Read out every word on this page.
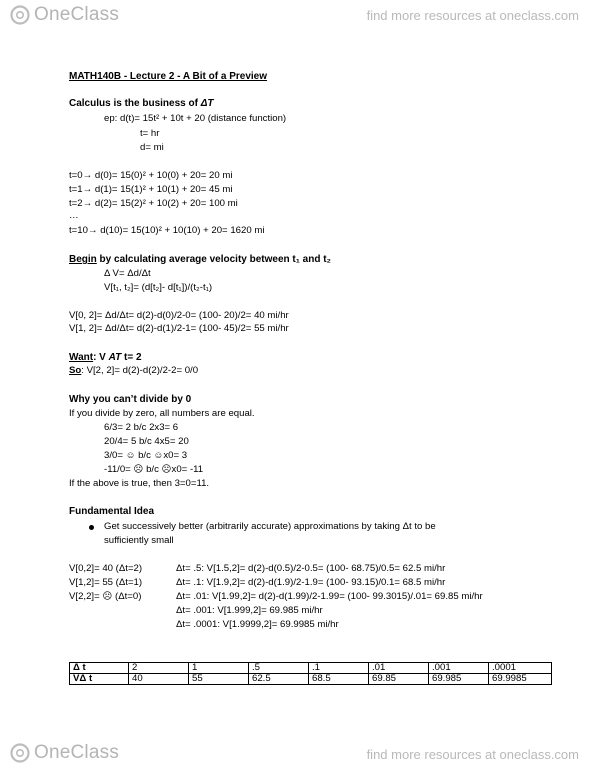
OneClass	find more resources at oneclass.com
MATH140B - Lecture 2 - A Bit of a Preview
Calculus is the business of ΔT
ep: d(t)= 15t² + 10t + 20 (distance function)
t= hr
d= mi
t=0→ d(0)= 15(0)² + 10(0) + 20= 20 mi
t=1→ d(1)= 15(1)² + 10(1) + 20= 45 mi
t=2→ d(2)= 15(2)² + 10(2) + 20= 100 mi
…
t=10→ d(10)= 15(10)² + 10(10) + 20= 1620 mi
Begin by calculating average velocity between t₁ and t₂
Δ V= Δd/Δt
V[t₁, t₂]= (d[t₂]- d[t₁])/(t₂-t₁)
V[0, 2]= Δd/Δt= d(2)-d(0)/2-0= (100- 20)/2= 40 mi/hr
V[1, 2]= Δd/Δt= d(2)-d(1)/2-1= (100- 45)/2= 55 mi/hr
Want: V AT t= 2
So: V[2, 2]= d(2)-d(2)/2-2= 0/0
Why you can’t divide by 0
If you divide by zero, all numbers are equal.
6/3= 2 b/c 2x3= 6
20/4= 5 b/c 4x5= 20
3/0= ☺ b/c ☺x0= 3
-11/0= ☹ b/c ☹x0= -11
If the above is true, then 3=0=11.
Fundamental Idea
Get successively better (arbitrarily accurate) approximations by taking Δt to be
sufficiently small
V[0,2]= 40 (Δt=2)
V[1,2]= 55 (Δt=1)
V[2,2]= ☹ (Δt=0)
Δt= .5: V[1.5,2]= d(2)-d(0.5)/2-0.5= (100- 68.75)/0.5= 62.5 mi/hr
Δt= .1: V[1.9,2]= d(2)-d(1.9)/2-1.9= (100- 93.15)/0.1= 68.5 mi/hr
Δt= .01: V[1.99,2]= d(2)-d(1.99)/2-1.99= (100- 99.3015)/.01= 69.85 mi/hr
Δt= .001: V[1.999,2]= 69.985 mi/hr
Δt= .0001: V[1.9999,2]= 69.9985 mi/hr
Δ t	2	1	.5	.1	.01	.001	.0001
VΔ t	40	55	62.5	68.5	69.85	69.985	69.9985
OneClass	find more resources at oneclass.com
